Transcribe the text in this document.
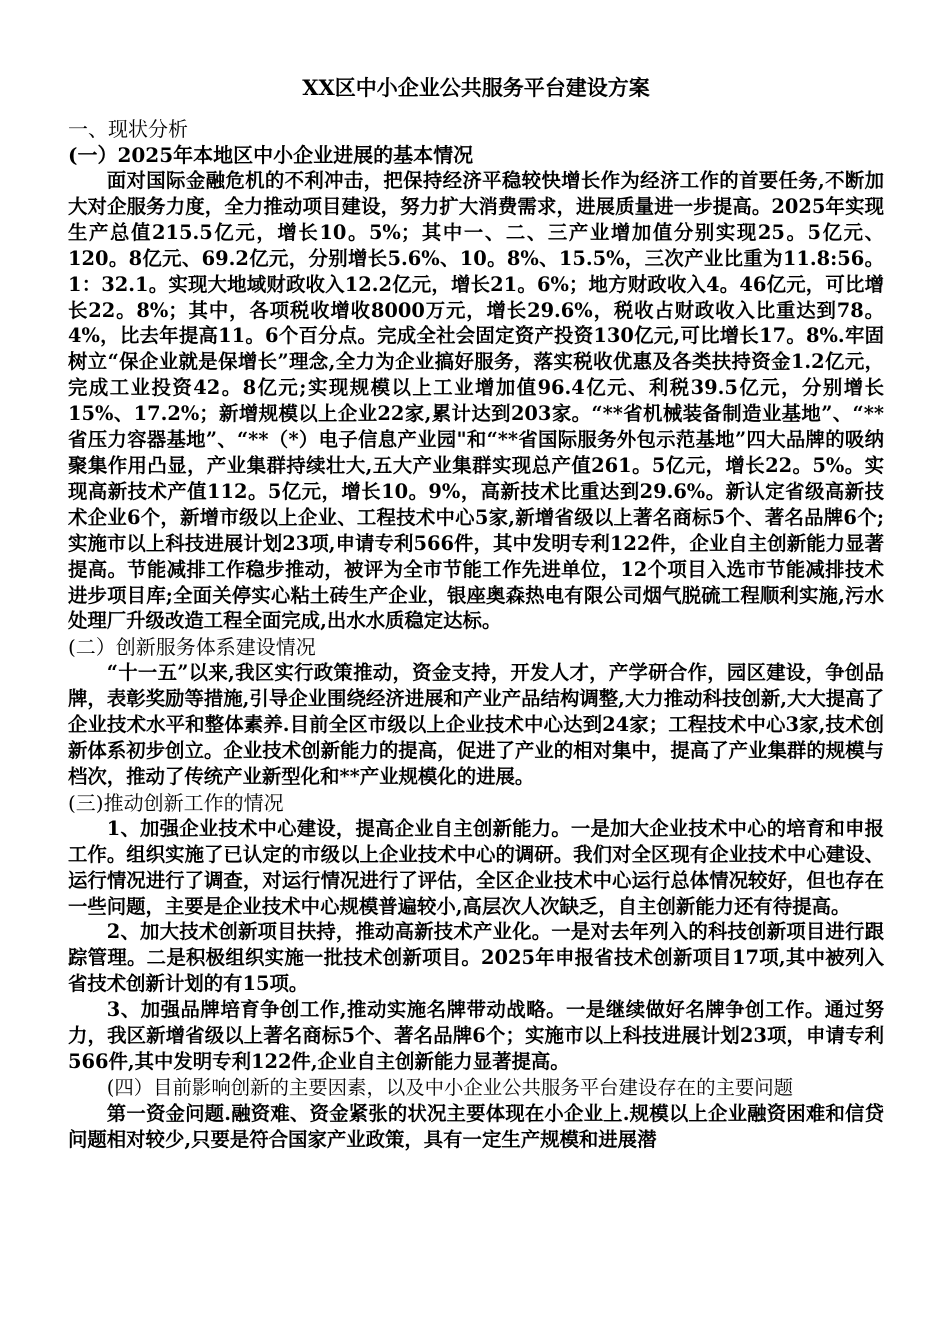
XX区中小企业公共服务平台建设方案
一、现状分析
(一）2025年本地区中小企业进展的基本情况

面对国际金融危机的不利冲击，把保持经济平稳较快增长作为经济工作的首要任务,不断加大对企服务力度，全力推动项目建设，努力扩大消费需求，进展质量进一步提高。2025年实现生产总值215.5亿元，增长10。5%；其中一、二、三产业增加值分别实现25。5亿元、120。8亿元、69.2亿元，分别增长5.6%、10。8%、15.5%，三次产业比重为11.8:56。1：32.1。实现大地域财政收入12.2亿元，增长21。6%；地方财政收入4。46亿元，可比增长22。8%；其中，各项税收增收8000万元，增长29.6%，税收占财政收入比重达到78。4%，比去年提高11。6个百分点。完成全社会固定资产投资130亿元,可比增长17。8%.牢固树立“保企业就是保增长”理念,全力为企业搞好服务，落实税收优惠及各类扶持资金1.2亿元，完成工业投资42。8亿元;实现规模以上工业增加值96.4亿元、利税39.5亿元，分别增长15%、17.2%；新增规模以上企业22家,累计达到203家。“**省机械装备制造业基地”、“**省压力容器基地”、“**（*）电子信息产业园"和“**省国际服务外包示范基地”四大品牌的吸纳聚集作用凸显，产业集群持续壮大,五大产业集群实现总产值261。5亿元，增长22。5%。实现高新技术产值112。5亿元，增长10。9%，高新技术比重达到29.6%。新认定省级高新技术企业6个，新增市级以上企业、工程技术中心5家,新增省级以上著名商标5个、著名品牌6个;实施市以上科技进展计划23项,申请专利566件，其中发明专利122件，企业自主创新能力显著提高。节能减排工作稳步推动，被评为全市节能工作先进单位，12个项目入选市节能减排技术进步项目库;全面关停实心粘土砖生产企业，银座奥森热电有限公司烟气脱硫工程顺利实施,污水处理厂升级改造工程全面完成,出水水质稳定达标。

(二）创新服务体系建设情况

“十一五”以来,我区实行政策推动，资金支持，开发人才，产学研合作，园区建设，争创品牌，表彰奖励等措施,引导企业围绕经济进展和产业产品结构调整,大力推动科技创新,大大提高了企业技术水平和整体素养.目前全区市级以上企业技术中心达到24家；工程技术中心3家,技术创新体系初步创立。企业技术创新能力的提高，促进了产业的相对集中，提高了产业集群的规模与档次，推动了传统产业新型化和**产业规模化的进展。

(三)推动创新工作的情况

1、加强企业技术中心建设，提高企业自主创新能力。一是加大企业技术中心的培育和申报工作。组织实施了已认定的市级以上企业技术中心的调研。我们对全区现有企业技术中心建设、运行情况进行了调查，对运行情况进行了评估，全区企业技术中心运行总体情况较好，但也存在一些问题，主要是企业技术中心规模普遍较小,高层次人次缺乏，自主创新能力还有待提高。

2、加大技术创新项目扶持，推动高新技术产业化。一是对去年列入的科技创新项目进行跟踪管理。二是积极组织实施一批技术创新项目。2025年申报省技术创新项目17项,其中被列入省技术创新计划的有15项。

3、加强品牌培育争创工作,推动实施名牌带动战略。一是继续做好名牌争创工作。通过努力，我区新增省级以上著名商标5个、著名品牌6个；实施市以上科技进展计划23项，申请专利566件,其中发明专利122件,企业自主创新能力显著提高。

(四）目前影响创新的主要因素，以及中小企业公共服务平台建设存在的主要问题

第一资金问题.融资难、资金紧张的状况主要体现在小企业上.规模以上企业融资困难和信贷问题相对较少,只要是符合国家产业政策，具有一定生产规模和进展潜
